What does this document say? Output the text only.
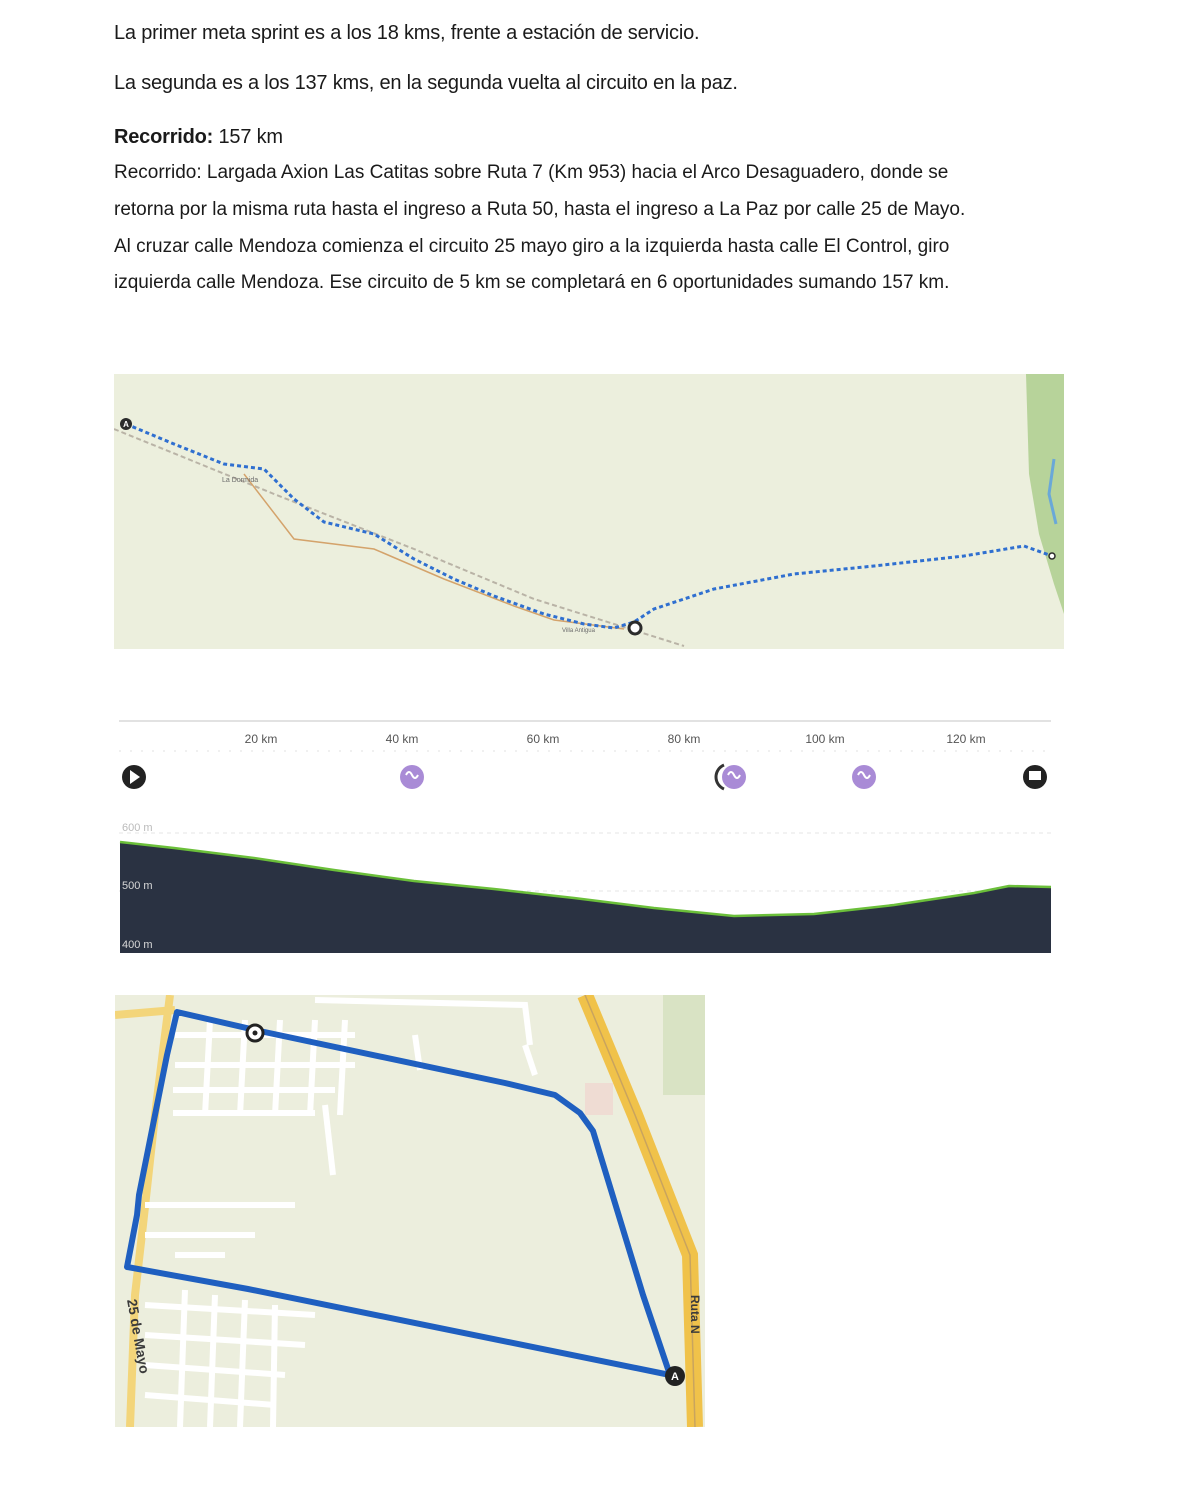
La primer meta sprint es a los 18 kms, frente a estación de servicio.
La segunda es a los 137 kms, en la segunda vuelta al circuito en la paz.
Recorrido: 157 km
Recorrido: Largada Axion Las Catitas sobre Ruta 7 (Km 953) hacia el Arco Desaguadero, donde se
retorna por la misma ruta hasta el ingreso a Ruta 50, hasta el ingreso a La Paz por calle 25 de Mayo.
Al cruzar calle Mendoza comienza el circuito 25 mayo giro a la izquierda hasta calle El Control, giro
izquierda calle Mendoza. Ese circuito de 5 km se completará en 6 oportunidades sumando 157 km.
La Dormida
Villa Antigua
A
20 km	40 km	60 km	80 km	100 km	120 km
600 m
500 m
400 m
A
25 de Mayo	Ruta N
